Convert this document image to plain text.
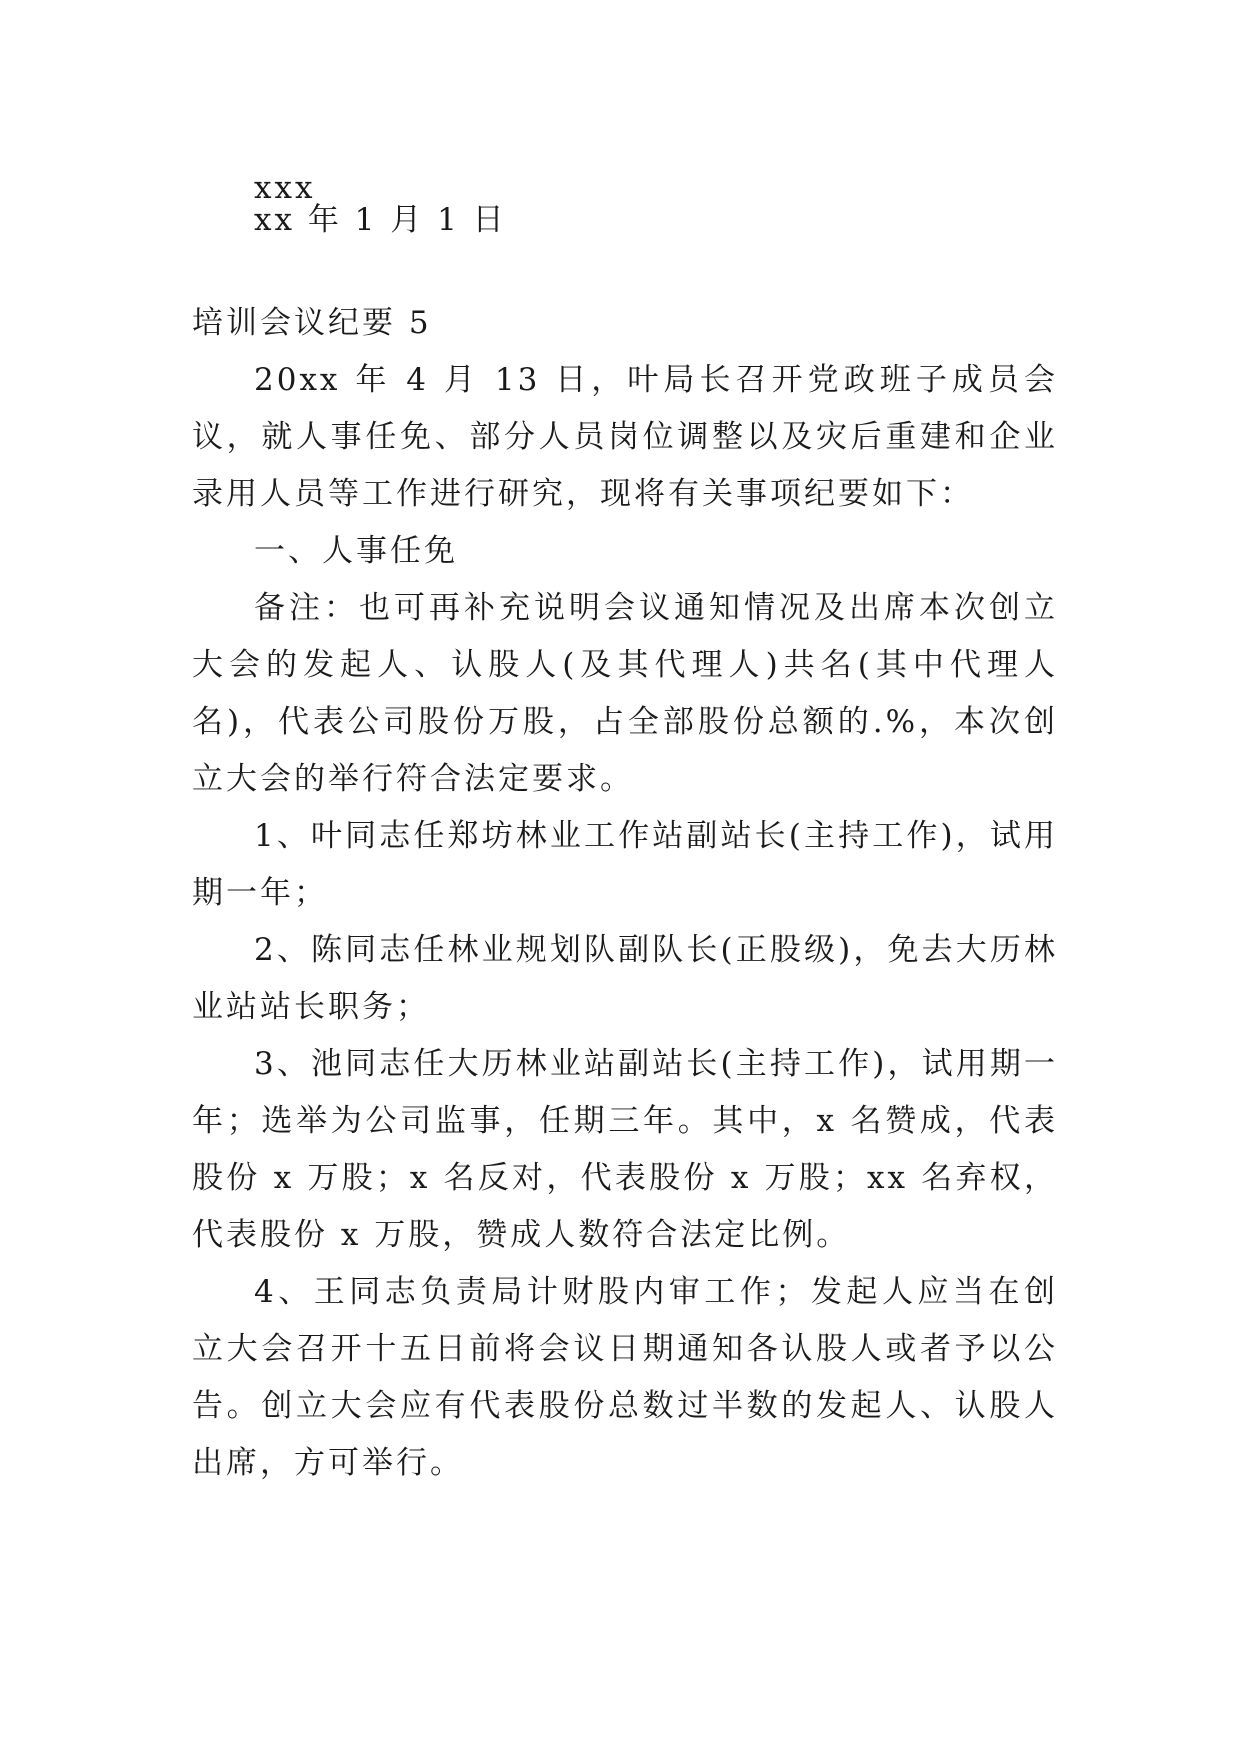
xxx
xx 年 1 月 1 日

培训会议纪要 5

20xx 年 4 月 13 日，叶局长召开党政班子成员会议，就人事任免、部分人员岗位调整以及灾后重建和企业录用人员等工作进行研究，现将有关事项纪要如下：

一、人事任免

备注：也可再补充说明会议通知情况及出席本次创立大会的发起人、认股人(及其代理人)共名(其中代理人名)，代表公司股份万股，占全部股份总额的.%，本次创立大会的举行符合法定要求。

1、叶同志任郑坊林业工作站副站长(主持工作)，试用期一年；

2、陈同志任林业规划队副队长(正股级)，免去大历林业站站长职务；

3、池同志任大历林业站副站长(主持工作)，试用期一年；选举为公司监事，任期三年。其中，x 名赞成，代表股份 x 万股；x 名反对，代表股份 x 万股；xx 名弃权，代表股份 x 万股，赞成人数符合法定比例。

4、王同志负责局计财股内审工作；发起人应当在创立大会召开十五日前将会议日期通知各认股人或者予以公告。创立大会应有代表股份总数过半数的发起人、认股人出席，方可举行。
